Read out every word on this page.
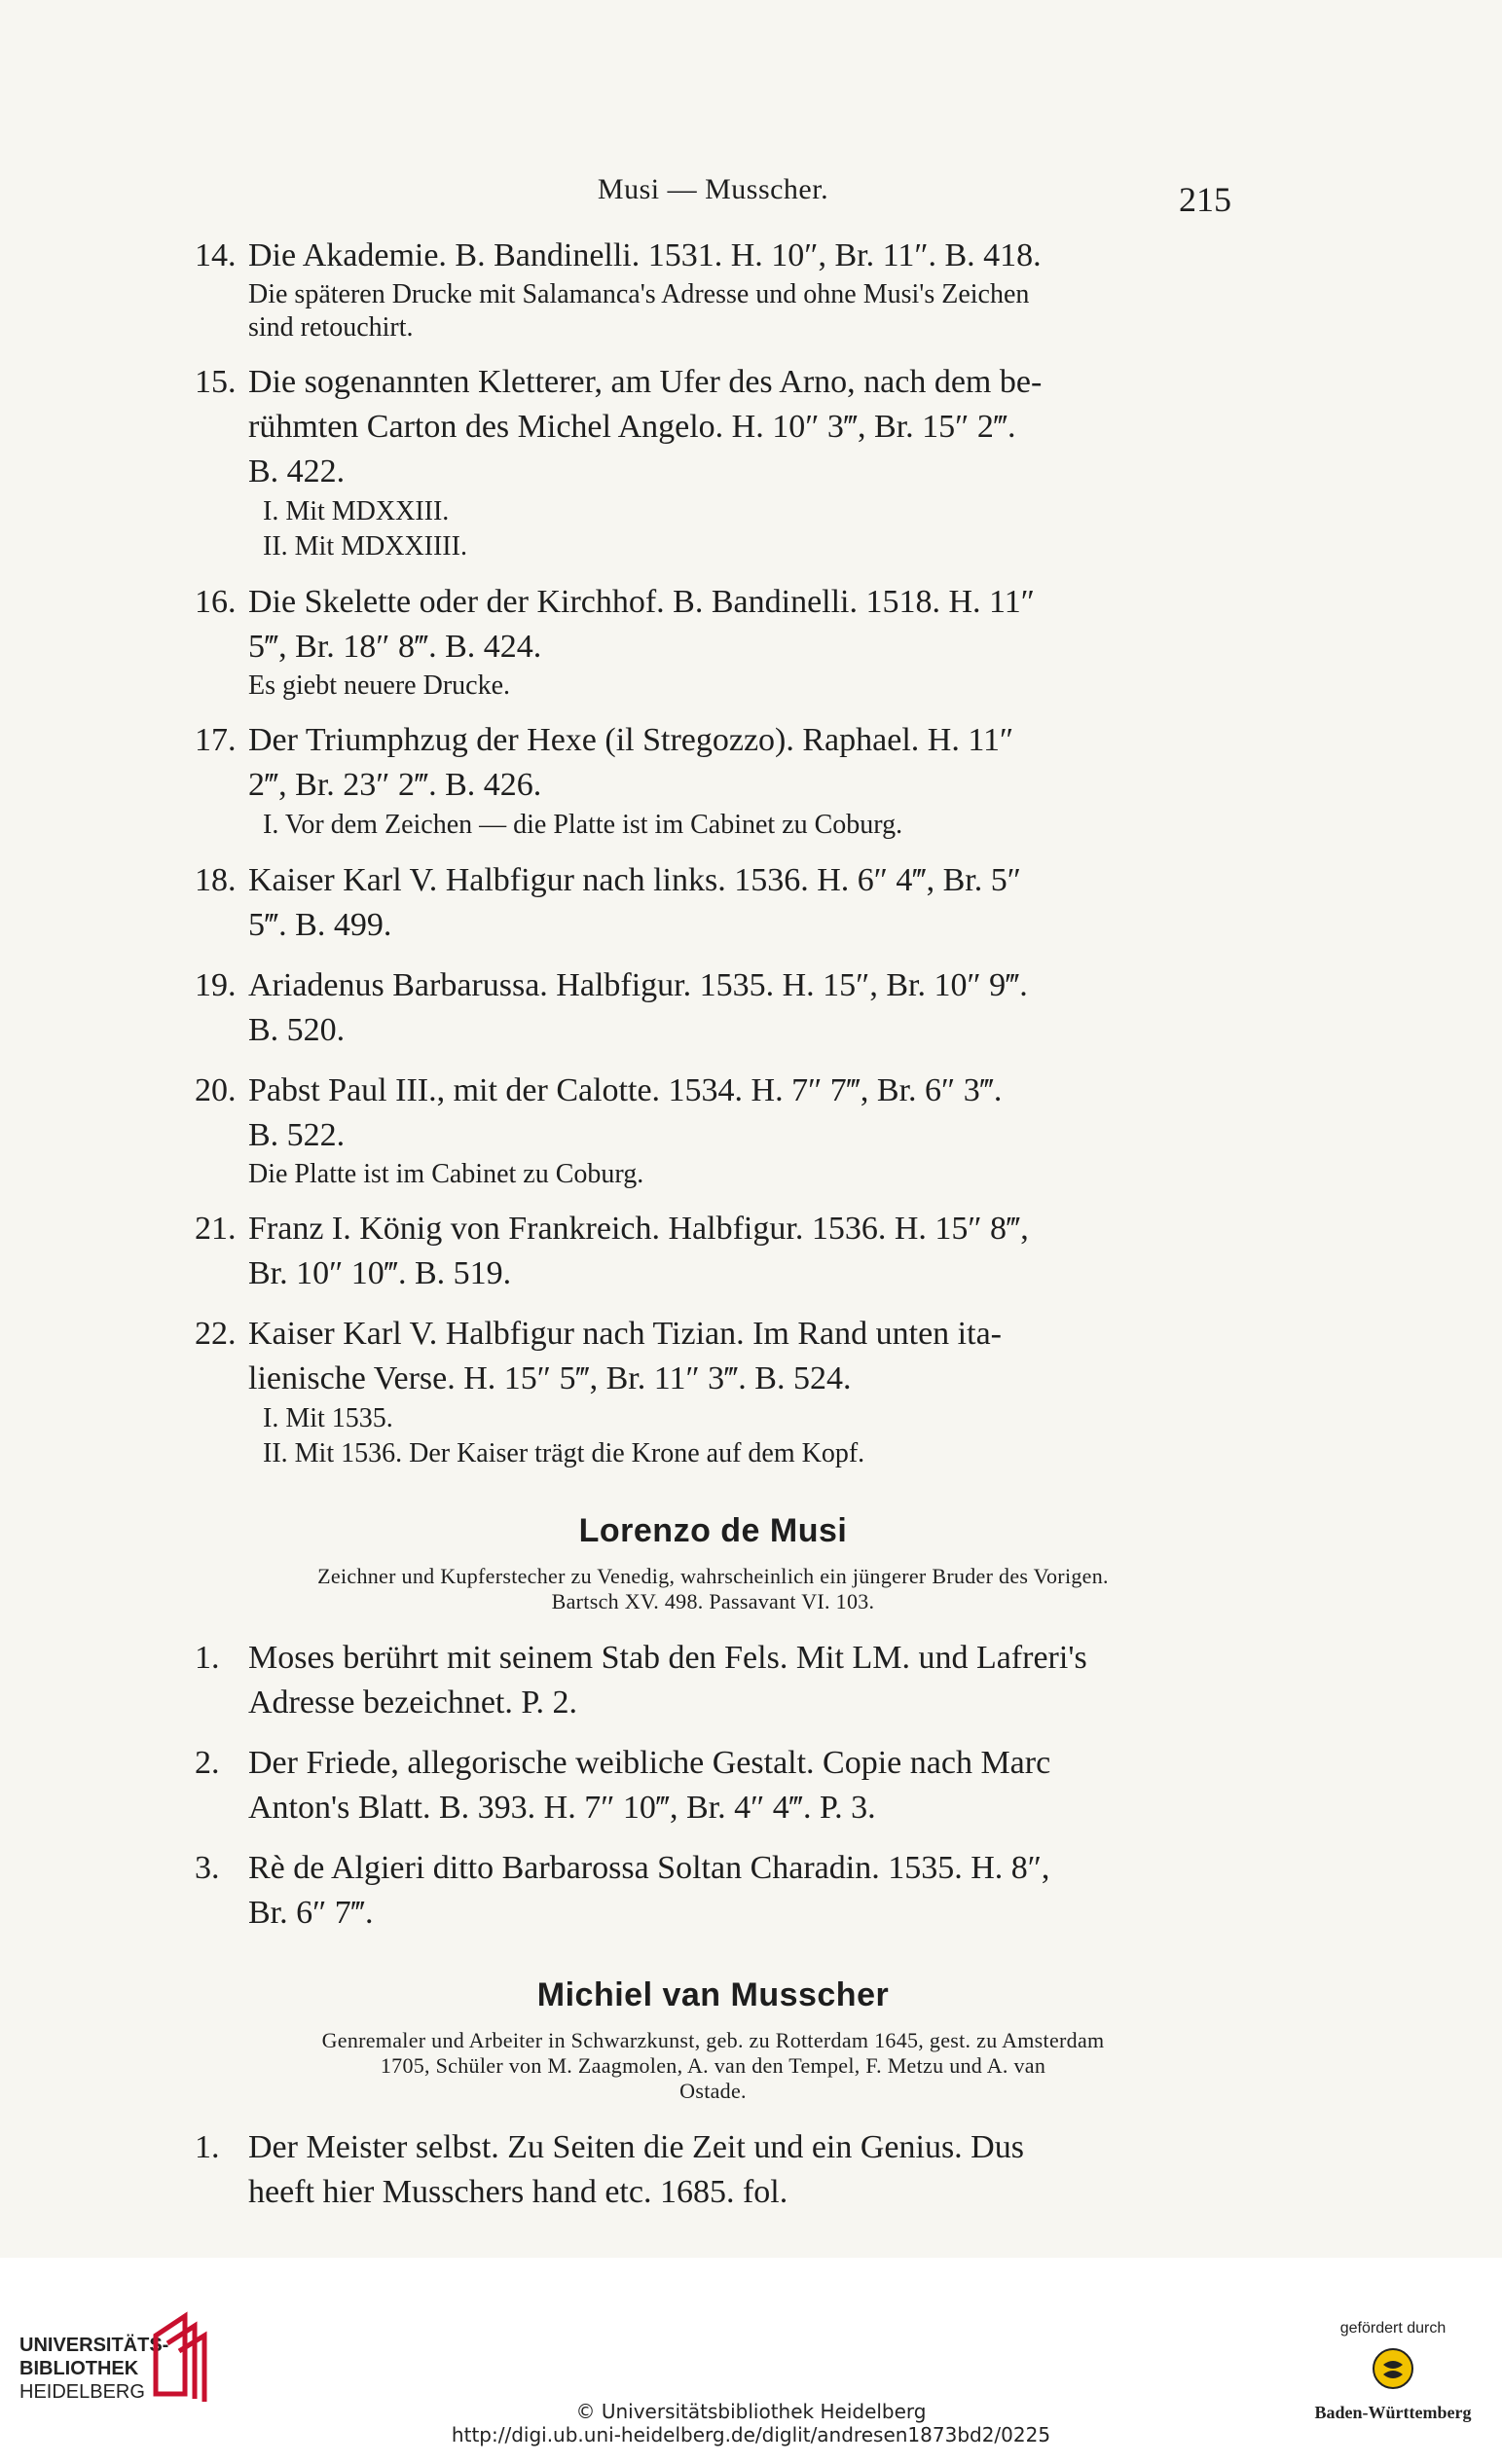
Musi — Musscher.	215
14. Die Akademie. B. Bandinelli. 1531. H. 10″, Br. 11″. B. 418.
Die späteren Drucke mit Salamanca's Adresse und ohne Musi's Zeichen
sind retouchirt.
15. Die sogenannten Kletterer, am Ufer des Arno, nach dem be-
rühmten Carton des Michel Angelo. H. 10″ 3‴, Br. 15″ 2‴.
B. 422.
I. Mit MDXXIII.
II. Mit MDXXIIII.
16. Die Skelette oder der Kirchhof. B. Bandinelli. 1518. H. 11″
5‴, Br. 18″ 8‴. B. 424.
Es giebt neuere Drucke.
17. Der Triumphzug der Hexe (il Stregozzo). Raphael. H. 11″
2‴, Br. 23″ 2‴. B. 426.
I. Vor dem Zeichen — die Platte ist im Cabinet zu Coburg.
18. Kaiser Karl V. Halbfigur nach links. 1536. H. 6″ 4‴, Br. 5″
5‴. B. 499.
19. Ariadenus Barbarussa. Halbfigur. 1535. H. 15″, Br. 10″ 9‴.
B. 520.
20. Pabst Paul III., mit der Calotte. 1534. H. 7″ 7‴, Br. 6″ 3‴.
B. 522.
Die Platte ist im Cabinet zu Coburg.
21. Franz I. König von Frankreich. Halbfigur. 1536. H. 15″ 8‴,
Br. 10″ 10‴. B. 519.
22. Kaiser Karl V. Halbfigur nach Tizian. Im Rand unten ita-
lienische Verse. H. 15″ 5‴, Br. 11″ 3‴. B. 524.
I. Mit 1535.
II. Mit 1536. Der Kaiser trägt die Krone auf dem Kopf.
Lorenzo de Musi
Zeichner und Kupferstecher zu Venedig, wahrscheinlich ein jüngerer Bruder des Vorigen.
Bartsch XV. 498. Passavant VI. 103.
1. Moses berührt mit seinem Stab den Fels. Mit LM. und Lafreri's
Adresse bezeichnet. P. 2.
2. Der Friede, allegorische weibliche Gestalt. Copie nach Marc
Anton's Blatt. B. 393. H. 7″ 10‴, Br. 4″ 4‴. P. 3.
3. Rè de Algieri ditto Barbarossa Soltan Charadin. 1535. H. 8″,
Br. 6″ 7‴.
Michiel van Musscher
Genremaler und Arbeiter in Schwarzkunst, geb. zu Rotterdam 1645, gest. zu Amsterdam
1705, Schüler von M. Zaagmolen, A. van den Tempel, F. Metzu und A. van
Ostade.
1. Der Meister selbst. Zu Seiten die Zeit und ein Genius. Dus
heeft hier Musschers hand etc. 1685. fol.
UNIVERSITÄTS-
BIBLIOTHEK
HEIDELBERG
© Universitätsbibliothek Heidelberg
http://digi.ub.uni-heidelberg.de/diglit/andresen1873bd2/0225
gefördert durch
Baden-Württemberg
